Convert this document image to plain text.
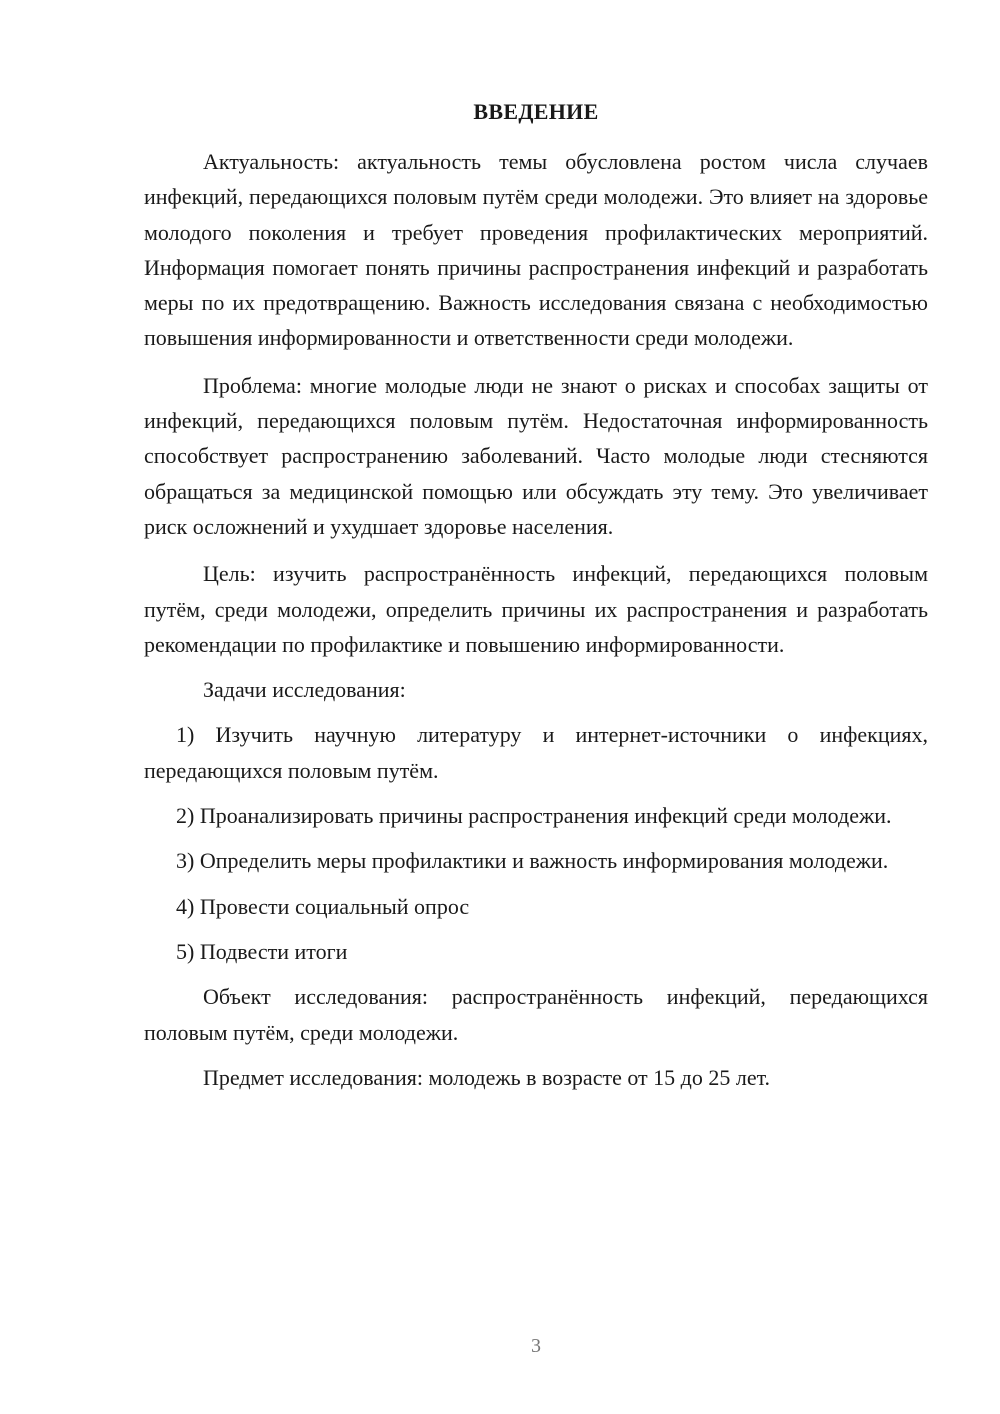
ВВЕДЕНИЕ

Актуальность: актуальность темы обусловлена ростом числа случаев инфекций, передающихся половым путём среди молодежи. Это влияет на здоровье молодого поколения и требует проведения профилактических мероприятий. Информация помогает понять причины распространения инфекций и разработать меры по их предотвращению. Важность исследования связана с необходимостью повышения информированности и ответственности среди молодежи.

Проблема: многие молодые люди не знают о рисках и способах защиты от инфекций, передающихся половым путём. Недостаточная информированность способствует распространению заболеваний. Часто молодые люди стесняются обращаться за медицинской помощью или обсуждать эту тему. Это увеличивает риск осложнений и ухудшает здоровье населения.

Цель: изучить распространённость инфекций, передающихся половым путём, среди молодежи, определить причины их распространения и разработать рекомендации по профилактике и повышению информированности.

Задачи исследования:

1) Изучить научную литературу и интернет-источники о инфекциях, передающихся половым путём.

2) Проанализировать причины распространения инфекций среди молодежи.

3) Определить меры профилактики и важность информирования молодежи.

4) Провести социальный опрос

5) Подвести итоги

Объект исследования: распространённость инфекций, передающихся половым путём, среди молодежи.

Предмет исследования: молодежь в возрасте от 15 до 25 лет.

3
